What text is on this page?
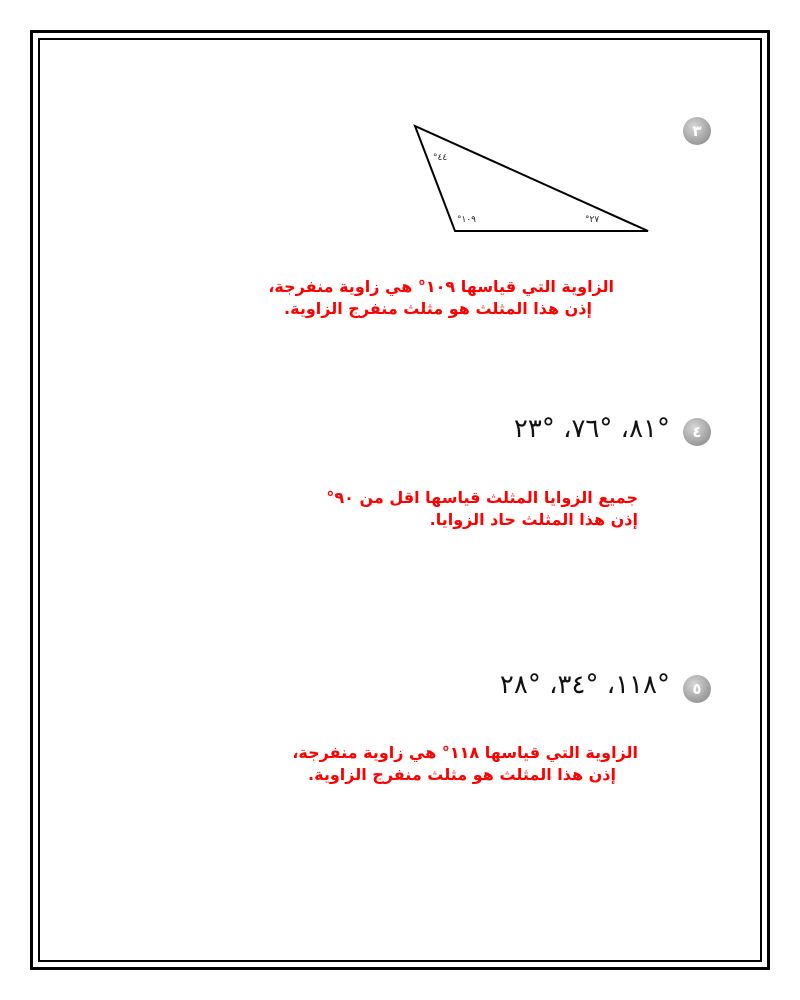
٣
°٤٤
°١٠٩	°٢٧
الزاوية التي قياسها ١٠٩° هي زاوية منفرجة،
إذن هذا المثلث هو مثلث منفرج الزاوية.
٤
°٨١، °٧٦، °٢٣
جميع الزوايا المثلث قياسها اقل من ٩٠°
إذن هذا المثلث حاد الزوايا.
٥
°١١٨، °٣٤، °٢٨
الزاوية التي قياسها ١١٨° هي زاوية منفرجة،
إذن هذا المثلث هو مثلث منفرج الزاوية.
